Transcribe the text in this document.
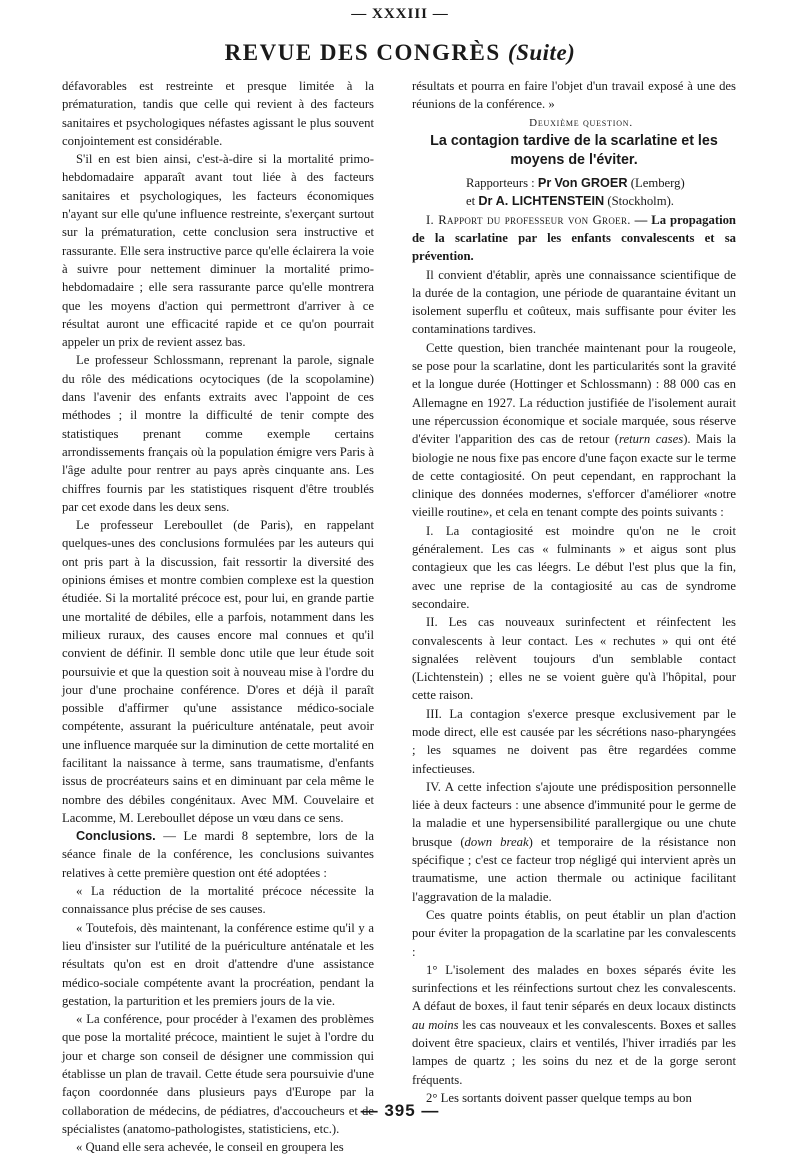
— XXXIII —
REVUE DES CONGRÈS (Suite)

défavorables est restreinte et presque limitée à la prématuration, tandis que celle qui revient à des facteurs sanitaires et psychologiques néfastes agissant le plus souvent conjointement est considérable.

S'il en est bien ainsi, c'est-à-dire si la mortalité primo-hebdomadaire apparaît avant tout liée à des facteurs sanitaires et psychologiques, les facteurs économiques n'ayant sur elle qu'une influence restreinte, s'exerçant surtout sur la prématuration, cette conclusion sera instructive et rassurante. Elle sera instructive parce qu'elle éclairera la voie à suivre pour nettement diminuer la mortalité primo-hebdomadaire ; elle sera rassurante parce qu'elle montrera que les moyens d'action qui permettront d'arriver à ce résultat auront une efficacité rapide et ce qu'on pourrait appeler un prix de revient assez bas.

Le professeur Schlossmann, reprenant la parole, signale du rôle des médications ocytociques (de la scopolamine) dans l'avenir des enfants extraits avec l'appoint de ces méthodes ; il montre la difficulté de tenir compte des statistiques prenant comme exemple certains arrondissements français où la population émigre vers Paris à l'âge adulte pour rentrer au pays après cinquante ans. Les chiffres fournis par les statistiques risquent d'être troublés par cet exode dans les deux sens.

Le professeur Lereboullet (de Paris), en rappelant quelques-unes des conclusions formulées par les auteurs qui ont pris part à la discussion, fait ressortir la diversité des opinions émises et montre combien complexe est la question étudiée. Si la mortalité précoce est, pour lui, en grande partie une mortalité de débiles, elle a parfois, notamment dans les milieux ruraux, des causes encore mal connues et qu'il convient de définir. Il semble donc utile que leur étude soit poursuivie et que la question soit à nouveau mise à l'ordre du jour d'une prochaine conférence. D'ores et déjà il paraît possible d'affirmer qu'une assistance médico-sociale compétente, assurant la puériculture anténatale, peut avoir une influence marquée sur la diminution de cette mortalité en facilitant la naissance à terme, sans traumatisme, d'enfants issus de procréateurs sains et en diminuant par cela même le nombre des débiles congénitaux. Avec MM. Couvelaire et Lacomme, M. Lereboullet dépose un vœu dans ce sens.

Conclusions. — Le mardi 8 septembre, lors de la séance finale de la conférence, les conclusions suivantes relatives à cette première question ont été adoptées :

« La réduction de la mortalité précoce nécessite la connaissance plus précise de ses causes.

« Toutefois, dès maintenant, la conférence estime qu'il y a lieu d'insister sur l'utilité de la puériculture anténatale et les résultats qu'on est en droit d'attendre d'une assistance médico-sociale compétente avant la procréation, pendant la gestation, la parturition et les premiers jours de la vie.

« La conférence, pour procéder à l'examen des problèmes que pose la mortalité précoce, maintient le sujet à l'ordre du jour et charge son conseil de désigner une commission qui établisse un plan de travail. Cette étude sera poursuivie d'une façon coordonnée dans plusieurs pays d'Europe par la collaboration de médecins, de pédiatres, d'accoucheurs et de spécialistes (anatomo-pathologistes, statisticiens, etc.).

« Quand elle sera achevée, le conseil en groupera les

résultats et pourra en faire l'objet d'un travail exposé à une des réunions de la conférence. »

Deuxième question.

La contagion tardive de la scarlatine et les moyens de l'éviter.

Rapporteurs : Pr Von GROER (Lemberg)

et Dr A. LICHTENSTEIN (Stockholm).

I. Rapport du professeur von Groer. — La propagation de la scarlatine par les enfants convalescents et sa prévention.

Il convient d'établir, après une connaissance scientifique de la durée de la contagion, une période de quarantaine évitant un isolement superflu et coûteux, mais suffisante pour éviter les contaminations tardives.

Cette question, bien tranchée maintenant pour la rougeole, se pose pour la scarlatine, dont les particularités sont la gravité et la longue durée (Hottinger et Schlossmann) : 88 000 cas en Allemagne en 1927. La réduction justifiée de l'isolement aurait une répercussion économique et sociale marquée, sous réserve d'éviter l'apparition des cas de retour (return cases). Mais la biologie ne nous fixe pas encore d'une façon exacte sur le terme de cette contagiosité. On peut cependant, en rapprochant la clinique des données modernes, s'efforcer d'améliorer «notre vieille routine», et cela en tenant compte des points suivants :

I. La contagiosité est moindre qu'on ne le croit généralement. Les cas « fulminants » et aigus sont plus contagieux que les cas léegrs. Le début l'est plus que la fin, avec une reprise de la contagiosité au cas de syndrome secondaire.

II. Les cas nouveaux surinfectent et réinfectent les convalescents à leur contact. Les « rechutes » qui ont été signalées relèvent toujours d'un semblable contact (Lichtenstein) ; elles ne se voient guère qu'à l'hôpital, pour cette raison.

III. La contagion s'exerce presque exclusivement par le mode direct, elle est causée par les sécrétions naso-pharyngées ; les squames ne doivent pas être regardées comme infectieuses.

IV. A cette infection s'ajoute une prédisposition personnelle liée à deux facteurs : une absence d'immunité pour le germe de la maladie et une hypersensibilité parallergique ou une chute brusque (down break) et temporaire de la résistance non spécifique ; c'est ce facteur trop négligé qui intervient après un traumatisme, une action thermale ou actinique facilitant l'aggravation de la maladie.

Ces quatre points établis, on peut établir un plan d'action pour éviter la propagation de la scarlatine par les convalescents :

1° L'isolement des malades en boxes séparés évite les surinfections et les réinfections surtout chez les convalescents. A défaut de boxes, il faut tenir séparés en deux locaux distincts au moins les cas nouveaux et les convalescents. Boxes et salles doivent être spacieux, clairs et ventilés, l'hiver irradiés par les lampes de quartz ; les soins du nez et de la gorge seront fréquents.

2° Les sortants doivent passer quelque temps au bon

— 395 —
